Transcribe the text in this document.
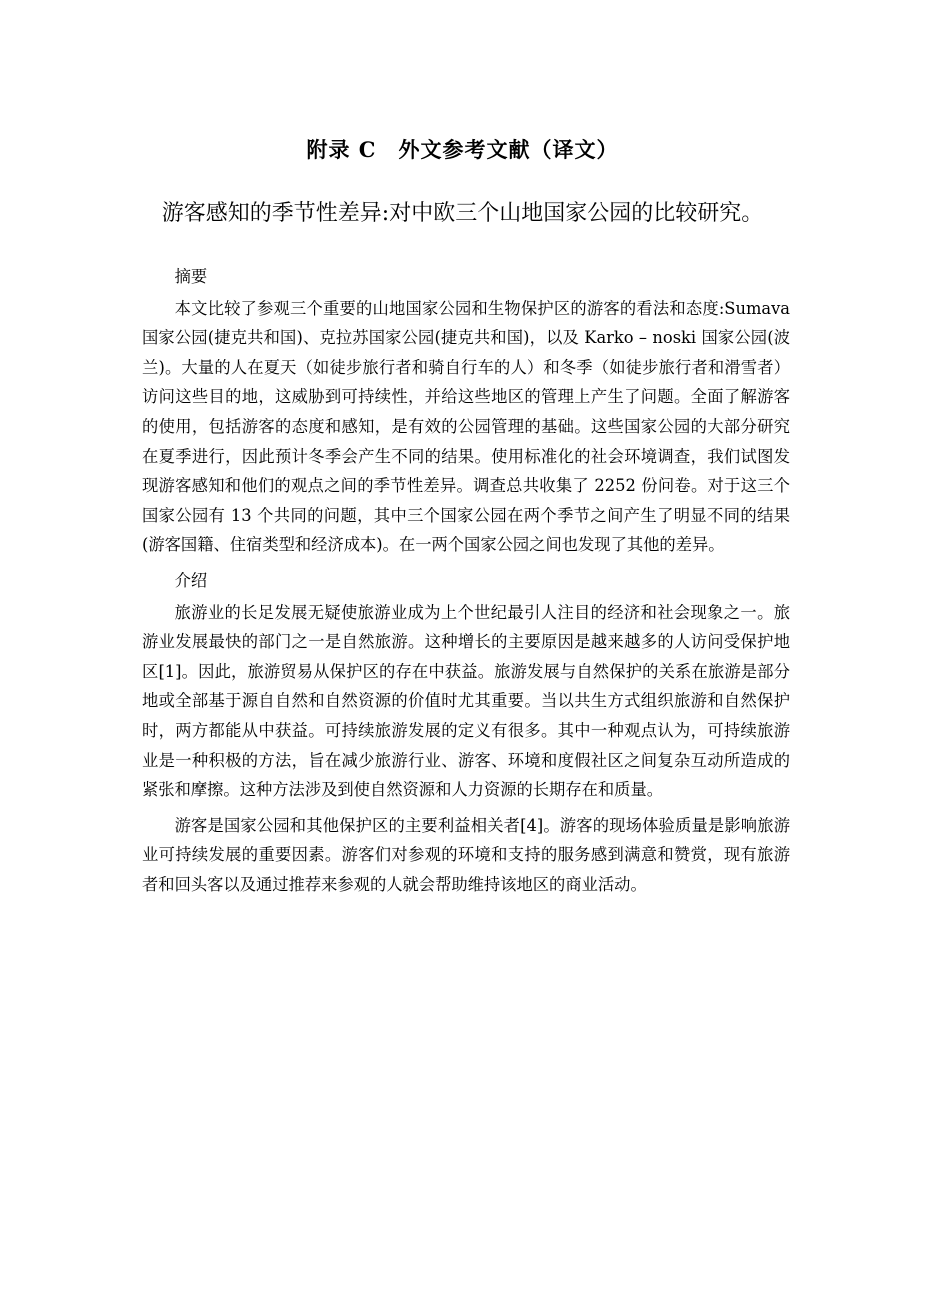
附录 C　外文参考文献（译文）
游客感知的季节性差异:对中欧三个山地国家公园的比较研究。

摘要

本文比较了参观三个重要的山地国家公园和生物保护区的游客的看法和态度:Sumava 国家公园(捷克共和国)、克拉苏国家公园(捷克共和国)，以及 Karko – noski 国家公园(波兰)。大量的人在夏天（如徒步旅行者和骑自行车的人）和冬季（如徒步旅行者和滑雪者）访问这些目的地，这威胁到可持续性，并给这些地区的管理上产生了问题。全面了解游客的使用，包括游客的态度和感知，是有效的公园管理的基础。这些国家公园的大部分研究在夏季进行，因此预计冬季会产生不同的结果。使用标准化的社会环境调查，我们试图发现游客感知和他们的观点之间的季节性差异。调查总共收集了 2252 份问卷。对于这三个国家公园有 13 个共同的问题，其中三个国家公园在两个季节之间产生了明显不同的结果(游客国籍、住宿类型和经济成本)。在一两个国家公园之间也发现了其他的差异。

介绍

旅游业的长足发展无疑使旅游业成为上个世纪最引人注目的经济和社会现象之一。旅游业发展最快的部门之一是自然旅游。这种增长的主要原因是越来越多的人访问受保护地区[1]。因此，旅游贸易从保护区的存在中获益。旅游发展与自然保护的关系在旅游是部分地或全部基于源自自然和自然资源的价值时尤其重要。当以共生方式组织旅游和自然保护时，两方都能从中获益。可持续旅游发展的定义有很多。其中一种观点认为，可持续旅游业是一种积极的方法，旨在减少旅游行业、游客、环境和度假社区之间复杂互动所造成的紧张和摩擦。这种方法涉及到使自然资源和人力资源的长期存在和质量。

游客是国家公园和其他保护区的主要利益相关者[4]。游客的现场体验质量是影响旅游业可持续发展的重要因素。游客们对参观的环境和支持的服务感到满意和赞赏，现有旅游者和回头客以及通过推荐来参观的人就会帮助维持该地区的商业活动。
